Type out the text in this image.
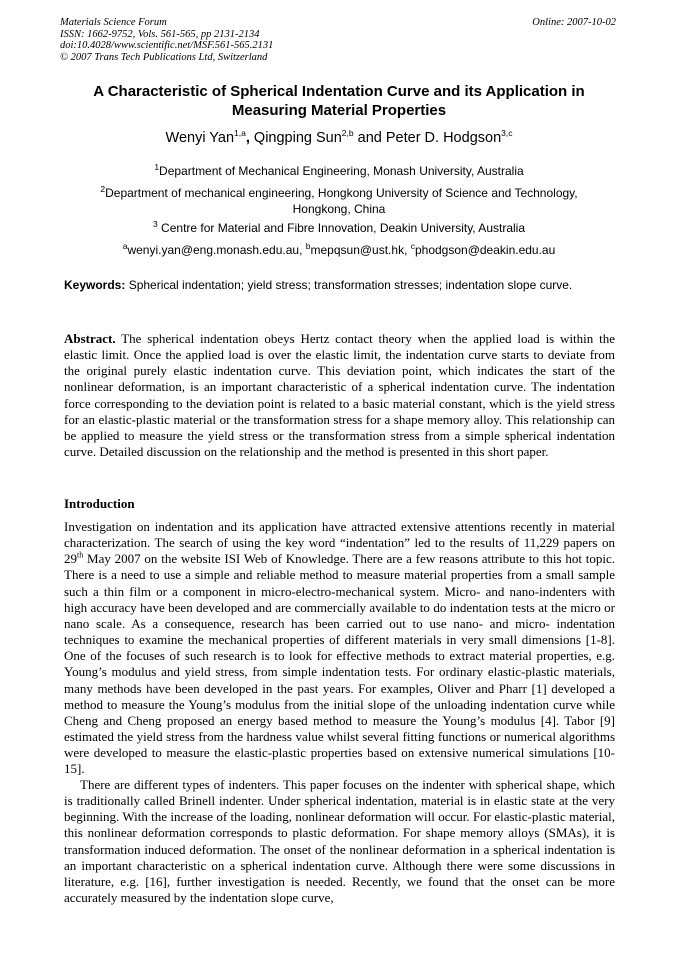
Materials Science Forum
ISSN: 1662-9752, Vols. 561-565, pp 2131-2134
doi:10.4028/www.scientific.net/MSF.561-565.2131
© 2007 Trans Tech Publications Ltd, Switzerland
Online: 2007-10-02
A Characteristic of Spherical Indentation Curve and its Application in Measuring Material Properties
Wenyi Yan$^{1,a}$, Qingping Sun$^{2,b}$ and Peter D. Hodgson$^{3,c}$
$^1$Department of Mechanical Engineering, Monash University, Australia
$^2$Department of mechanical engineering, Hongkong University of Science and Technology, Hongkong, China
$^3$ Centre for Material and Fibre Innovation, Deakin University, Australia
$^a$wenyi.yan@eng.monash.edu.au, $^b$mepqsun@ust.hk, $^c$phodgson@deakin.edu.au
Keywords: Spherical indentation; yield stress; transformation stresses; indentation slope curve.
Abstract. The spherical indentation obeys Hertz contact theory when the applied load is within the elastic limit. Once the applied load is over the elastic limit, the indentation curve starts to deviate from the original purely elastic indentation curve. This deviation point, which indicates the start of the nonlinear deformation, is an important characteristic of a spherical indentation curve. The indentation force corresponding to the deviation point is related to a basic material constant, which is the yield stress for an elastic-plastic material or the transformation stress for a shape memory alloy. This relationship can be applied to measure the yield stress or the transformation stress from a simple spherical indentation curve. Detailed discussion on the relationship and the method is presented in this short paper.
Introduction
Investigation on indentation and its application have attracted extensive attentions recently in material characterization. The search of using the key word “indentation” led to the results of 11,229 papers on 29th May 2007 on the website ISI Web of Knowledge. There are a few reasons attribute to this hot topic. There is a need to use a simple and reliable method to measure material properties from a small sample such a thin film or a component in micro-electro-mechanical system. Micro- and nano-indenters with high accuracy have been developed and are commercially available to do indentation tests at the micro or nano scale. As a consequence, research has been carried out to use nano- and micro- indentation techniques to examine the mechanical properties of different materials in very small dimensions [1-8]. One of the focuses of such research is to look for effective methods to extract material properties, e.g. Young’s modulus and yield stress, from simple indentation tests. For ordinary elastic-plastic materials, many methods have been developed in the past years. For examples, Oliver and Pharr [1] developed a method to measure the Young’s modulus from the initial slope of the unloading indentation curve while Cheng and Cheng proposed an energy based method to measure the Young’s modulus [4]. Tabor [9] estimated the yield stress from the hardness value whilst several fitting functions or numerical algorithms were developed to measure the elastic-plastic properties based on extensive numerical simulations [10-15].
There are different types of indenters. This paper focuses on the indenter with spherical shape, which is traditionally called Brinell indenter. Under spherical indentation, material is in elastic state at the very beginning. With the increase of the loading, nonlinear deformation will occur. For elastic-plastic material, this nonlinear deformation corresponds to plastic deformation. For shape memory alloys (SMAs), it is transformation induced deformation. The onset of the nonlinear deformation in a spherical indentation is an important characteristic on a spherical indentation curve. Although there were some discussions in literature, e.g. [16], further investigation is needed. Recently, we found that the onset can be more accurately measured by the indentation slope curve,
